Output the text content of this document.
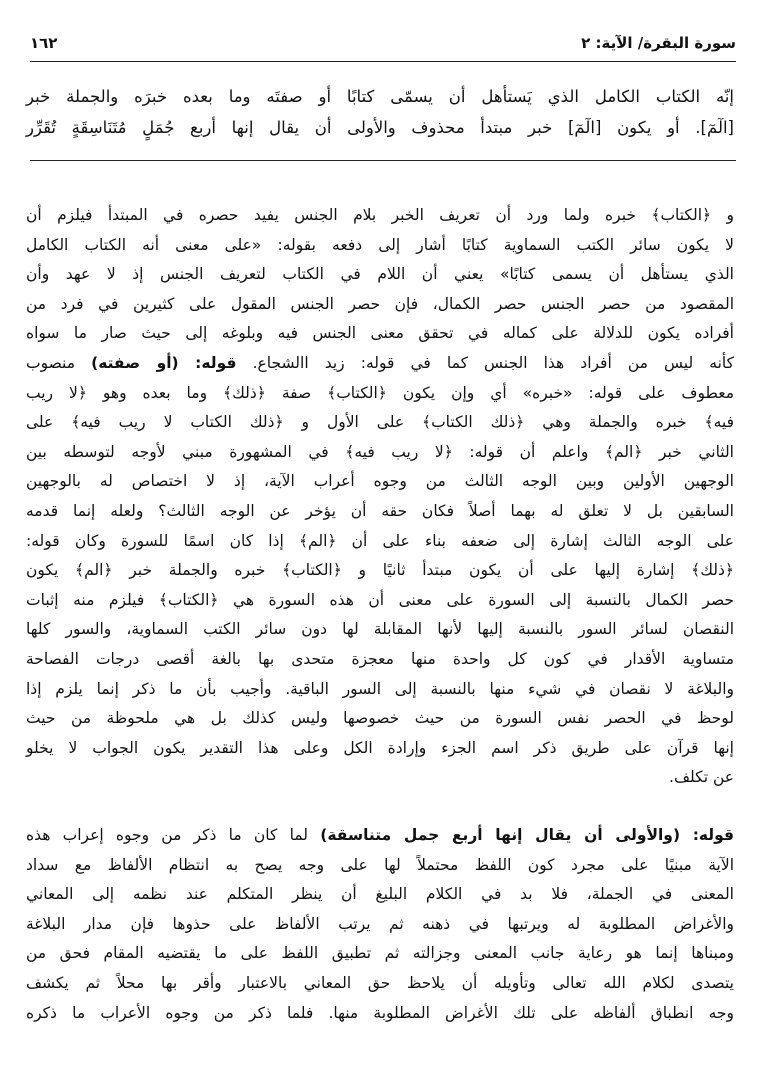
سورة البقرة/ الآية: ٢
١٦٢
إنّه الكتاب الكامل الذي يَستأهل أن يسمّى كتابًا أو صفتَه وما بعده خبرَه والجملة خبر
[الٓمٓ]. أو يكون [الٓمٓ] خبر مبتدأ محذوف والأولى أن يقال إنها أربع جُمَلٍ مُتَنَاسِقَةٍ تُقَرِّر
و ﴿الكتاب﴾ خبره ولما ورد أن تعريف الخبر بلام الجنس يفيد حصره في المبتدأ فيلزم أن
لا يكون سائر الكتب السماوية كتابًا أشار إلى دفعه بقوله: «على معنى أنه الكتاب الكامل
الذي يستأهل أن يسمى كتابًا» يعني أن اللام في الكتاب لتعريف الجنس إذ لا عهد وأن
المقصود من حصر الجنس حصر الكمال، فإن حصر الجنس المقول على كثيرين في فرد من
أفراده يكون للدلالة على كماله في تحقق معنى الجنس فيه وبلوغه إلى حيث صار ما سواه
كأنه ليس من أفراد هذا الجنس كما في قوله: زيد االشجاع. قوله: (أو صفته) منصوب
معطوف على قوله: «خبره» أي وإن يكون ﴿الكتاب﴾ صفة ﴿ذلك﴾ وما بعده وهو ﴿لا ريب
فيه﴾ خبره والجملة وهي ﴿ذلك الكتاب﴾ على الأول و ﴿ذلك الكتاب لا ريب فيه﴾ على
الثاني خبر ﴿الم﴾ واعلم أن قوله: ﴿لا ريب فيه﴾ في المشهورة مبني لأوجه لتوسطه بين
الوجهين الأولين وبين الوجه الثالث من وجوه أعراب الآية، إذ لا اختصاص له بالوجهين
السابقين بل لا تعلق له بهما أصلاً فكان حقه أن يؤخر عن الوجه الثالث؟ ولعله إنما قدمه
على الوجه الثالث إشارة إلى ضعفه بناء على أن ﴿الم﴾ إذا كان اسمًا للسورة وكان قوله:
﴿ذلك﴾ إشارة إليها على أن يكون مبتدأ ثانيًا و ﴿الكتاب﴾ خبره والجملة خبر ﴿الم﴾ يكون
حصر الكمال بالنسبة إلى السورة على معنى أن هذه السورة هي ﴿الكتاب﴾ فيلزم منه إثبات
النقصان لسائر السور بالنسبة إليها لأنها المقابلة لها دون سائر الكتب السماوية، والسور كلها
متساوية الأقدار في كون كل واحدة منها معجزة متحدى بها بالغة أقصى درجات الفصاحة
والبلاغة لا نقصان في شيء منها بالنسبة إلى السور الباقية. وأجيب بأن ما ذكر إنما يلزم إذا
لوحظ في الحصر نفس السورة من حيث خصوصها وليس كذلك بل هي ملحوظة من حيث
إنها قرآن على طريق ذكر اسم الجزء وإرادة الكل وعلى هذا التقدير يكون الجواب لا يخلو
عن تكلف.
قوله: (والأولى أن يقال إنها أربع جمل متناسقة) لما كان ما ذكر من وجوه إعراب هذه
الآية مبنيًا على مجرد كون اللفظ محتملاً لها على وجه يصح به انتظام الألفاظ مع سداد
المعنى في الجملة، فلا بد في الكلام البليغ أن ينظر المتكلم عند نظمه إلى المعاني
والأغراض المطلوبة له ويرتبها في ذهنه ثم يرتب الألفاظ على حذوها فإن مدار البلاغة
ومبناها إنما هو رعاية جانب المعنى وجزالته ثم تطبيق اللفظ على ما يقتضيه المقام فحق من
يتصدى لكلام الله تعالى وتأويله أن يلاحظ حق المعاني بالاعتبار وأقر بها محلاً ثم يكشف
وجه انطباق ألفاظه على تلك الأغراض المطلوبة منها. فلما ذكر من وجوه الأعراب ما ذكره
